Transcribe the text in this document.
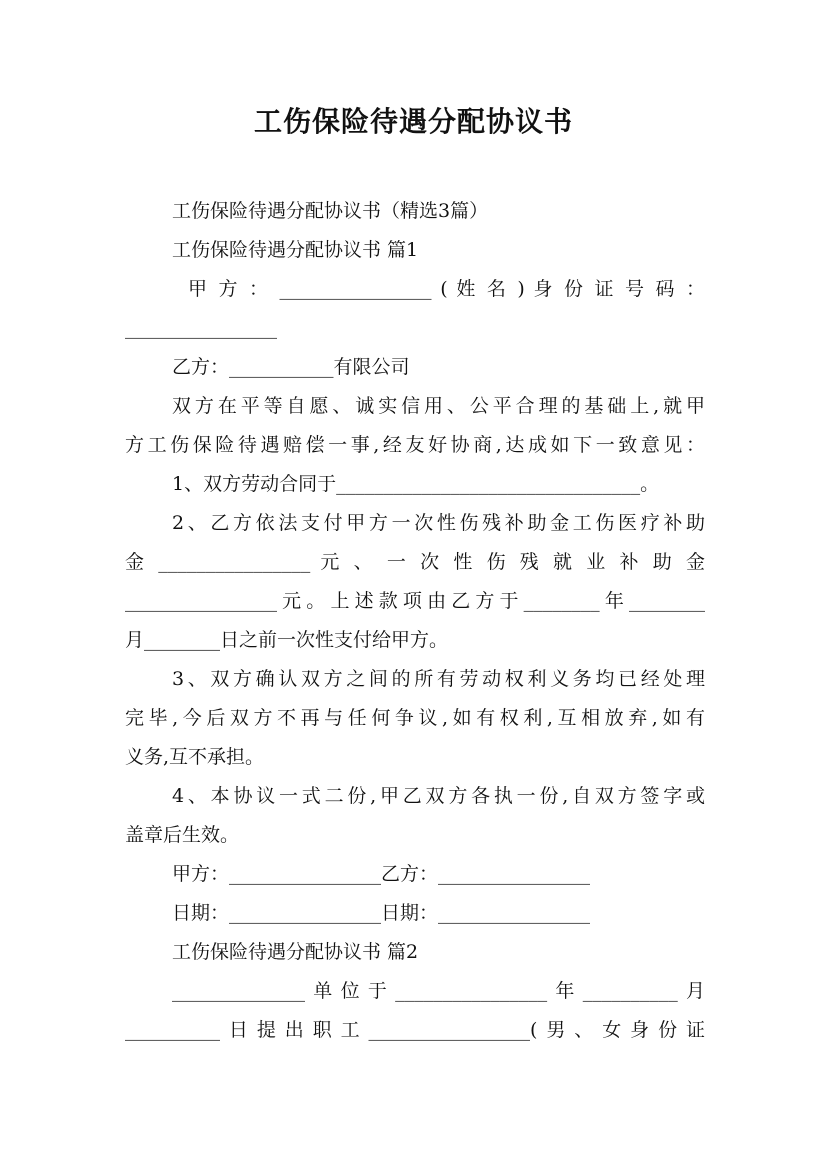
工伤保险待遇分配协议书
工伤保险待遇分配协议书（精选3篇）
工伤保险待遇分配协议书 篇1
甲 方 ： ________________ ( 姓 名 ) 身 份 证 号 码 ：
________________
乙方：___________有限公司
双方在平等自愿、诚实信用、公平合理的基础上,就甲
方工伤保险待遇赔偿一事,经友好协商,达成如下一致意见：
1、双方劳动合同于________________________________。
2、乙方依法支付甲方一次性伤残补助金工伤医疗补助
金 ________________ 元 、 一 次 性 伤 残 就 业 补 助 金
________________元。上述款项由乙方于________年________
月________日之前一次性支付给甲方。
3、双方确认双方之间的所有劳动权利义务均已经处理
完毕,今后双方不再与任何争议,如有权利,互相放弃,如有
义务,互不承担。
4、本协议一式二份,甲乙双方各执一份,自双方签字或
盖章后生效。
甲方：________________乙方：________________
日期：________________日期：________________
工伤保险待遇分配协议书 篇2
______________单位于________________年__________月
__________日提出职工_________________(男、女身份证
